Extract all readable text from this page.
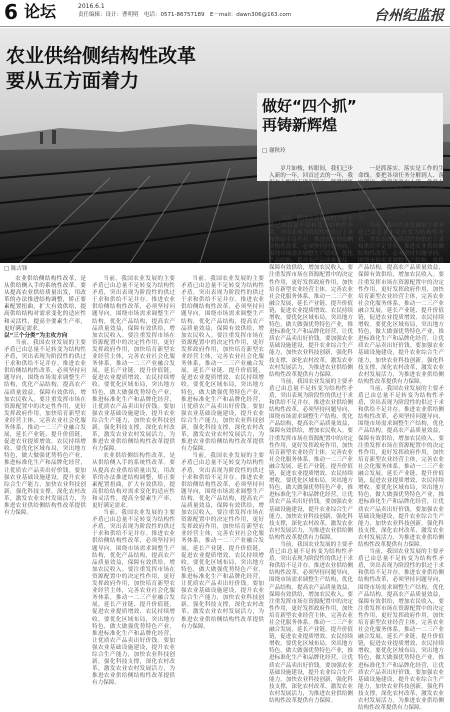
6 论坛	2016.6.1
责任编辑：设计：曹明明　电话：0571-86757189　E－mail：dawn306@163.com	台州纪监报
农业供给侧结构性改革
要从五方面着力
做好“四个抓”
再铸新辉煌
□ 谢秋玲
□ 陈吉锋

农业供给侧结构性改革，是从供给侧入手的系统性改革。要从提高农业供给质量出发，用改革的办法推进结构调整，矫正要素配置扭曲，扩大有效供给，提高供给结构对需求变化的适应性和灵活性，提高全要素生产率，更好满足需求。

以“三个分类”为主攻方向

当前，我国农业发展的主要矛盾已由总量不足转变为结构性矛盾，突出表现为阶段性的供过于求和供给不足并存。推进农业供给侧结构性改革，必须坚持问题导向，围绕市场需求调整生产结构，优化产品结构，提高农产品质量效益，保障有效供给，增加农民收入。要注重发挥市场在资源配置中的决定性作用，更好发挥政府作用，加快培育新型农业经营主体，完善农业社会化服务体系，推动一二三产业融合发展，延长产业链、提升价值链，促进农业提质增效、农民持续增收。要优化区域布局，突出地方特色，做大做强优势特色产业，推进标准化生产和品牌化经营，让优质农产品卖出好价钱。要加强农业基础设施建设，提升农业综合生产能力，加快农业科技创新，强化科技支撑，深化农村改革，激发农业农村发展活力，为推进农业供给侧结构性改革提供有力保障。

当前，我国农业发展的主要矛盾已由总量不足转变为结构性矛盾，突出表现为阶段性的供过于求和供给不足并存。推进农业供给侧结构性改革，必须坚持问题导向，围绕市场需求调整生产结构，优化产品结构，提高农产品质量效益，保障有效供给，增加农民收入。要注重发挥市场在资源配置中的决定性作用，更好发挥政府作用，加快培育新型农业经营主体，完善农业社会化服务体系，推动一二三产业融合发展，延长产业链、提升价值链，促进农业提质增效、农民持续增收。要优化区域布局，突出地方特色，做大做强优势特色产业，推进标准化生产和品牌化经营，让优质农产品卖出好价钱。要加强农业基础设施建设，提升农业综合生产能力，加快农业科技创新，强化科技支撑，深化农村改革，激发农业农村发展活力，为推进农业供给侧结构性改革提供有力保障。

农业供给侧结构性改革，是从供给侧入手的系统性改革。要从提高农业供给质量出发，用改革的办法推进结构调整，矫正要素配置扭曲，扩大有效供给，提高供给结构对需求变化的适应性和灵活性，提高全要素生产率，更好满足需求。

当前，我国农业发展的主要矛盾已由总量不足转变为结构性矛盾，突出表现为阶段性的供过于求和供给不足并存。推进农业供给侧结构性改革，必须坚持问题导向，围绕市场需求调整生产结构，优化产品结构，提高农产品质量效益，保障有效供给，增加农民收入。要注重发挥市场在资源配置中的决定性作用，更好发挥政府作用，加快培育新型农业经营主体，完善农业社会化服务体系，推动一二三产业融合发展，延长产业链、提升价值链，促进农业提质增效、农民持续增收。要优化区域布局，突出地方特色，做大做强优势特色产业，推进标准化生产和品牌化经营，让优质农产品卖出好价钱。要加强农业基础设施建设，提升农业综合生产能力，加快农业科技创新，强化科技支撑，深化农村改革，激发农业农村发展活力，为推进农业供给侧结构性改革提供有力保障。

当前，我国农业发展的主要矛盾已由总量不足转变为结构性矛盾，突出表现为阶段性的供过于求和供给不足并存。推进农业供给侧结构性改革，必须坚持问题导向，围绕市场需求调整生产结构，优化产品结构，提高农产品质量效益，保障有效供给，增加农民收入。要注重发挥市场在资源配置中的决定性作用，更好发挥政府作用，加快培育新型农业经营主体，完善农业社会化服务体系，推动一二三产业融合发展，延长产业链、提升价值链，促进农业提质增效、农民持续增收。要优化区域布局，突出地方特色，做大做强优势特色产业，推进标准化生产和品牌化经营，让优质农产品卖出好价钱。要加强农业基础设施建设，提升农业综合生产能力，加快农业科技创新，强化科技支撑，深化农村改革，激发农业农村发展活力，为推进农业供给侧结构性改革提供有力保障。

当前，我国农业发展的主要矛盾已由总量不足转变为结构性矛盾，突出表现为阶段性的供过于求和供给不足并存。推进农业供给侧结构性改革，必须坚持问题导向，围绕市场需求调整生产结构，优化产品结构，提高农产品质量效益，保障有效供给，增加农民收入。要注重发挥市场在资源配置中的决定性作用，更好发挥政府作用，加快培育新型农业经营主体，完善农业社会化服务体系，推动一二三产业融合发展，延长产业链、提升价值链，促进农业提质增效、农民持续增收。要优化区域布局，突出地方特色，做大做强优势特色产业，推进标准化生产和品牌化经营，让优质农产品卖出好价钱。要加强农业基础设施建设，提升农业综合生产能力，加快农业科技创新，强化科技支撑，深化农村改革，激发农业农村发展活力，为推进农业供给侧结构性改革提供有力保障。

岁月如梭，转眼间，我们已步入新的一年。回首过去的一年，我们在上级的正确领导下，紧紧围绕中心工作，抓落实、抓创新、抓队伍、抓作风，各项工作取得了新的成绩。站在新的起点上，我们要做好“四个抓”，再铸新辉煌。

当前，我国农业发展的主要矛盾已由总量不足转变为结构性矛盾，突出表现为阶段性的供过于求和供给不足并存。推进农业供给侧结构性改革，必须坚持问题导向，围绕市场需求调整生产结构，优化产品结构，提高农产品质量效益，保障有效供给，增加农民收入。要注重发挥市场在资源配置中的决定性作用，更好发挥政府作用，加快培育新型农业经营主体，完善农业社会化服务体系，推动一二三产业融合发展，延长产业链、提升价值链，促进农业提质增效、农民持续增收。要优化区域布局，突出地方特色，做大做强优势特色产业，推进标准化生产和品牌化经营，让优质农产品卖出好价钱。要加强农业基础设施建设，提升农业综合生产能力，加快农业科技创新，强化科技支撑，深化农村改革，激发农业农村发展活力，为推进农业供给侧结构性改革提供有力保障。

当前，我国农业发展的主要矛盾已由总量不足转变为结构性矛盾，突出表现为阶段性的供过于求和供给不足并存。推进农业供给侧结构性改革，必须坚持问题导向，围绕市场需求调整生产结构，优化产品结构，提高农产品质量效益，保障有效供给，增加农民收入。要注重发挥市场在资源配置中的决定性作用，更好发挥政府作用，加快培育新型农业经营主体，完善农业社会化服务体系，推动一二三产业融合发展，延长产业链、提升价值链，促进农业提质增效、农民持续增收。要优化区域布局，突出地方特色，做大做强优势特色产业，推进标准化生产和品牌化经营，让优质农产品卖出好价钱。要加强农业基础设施建设，提升农业综合生产能力，加快农业科技创新，强化科技支撑，深化农村改革，激发农业农村发展活力，为推进农业供给侧结构性改革提供有力保障。

当前，我国农业发展的主要矛盾已由总量不足转变为结构性矛盾，突出表现为阶段性的供过于求和供给不足并存。推进农业供给侧结构性改革，必须坚持问题导向，围绕市场需求调整生产结构，优化产品结构，提高农产品质量效益，保障有效供给，增加农民收入。要注重发挥市场在资源配置中的决定性作用，更好发挥政府作用，加快培育新型农业经营主体，完善农业社会化服务体系，推动一二三产业融合发展，延长产业链、提升价值链，促进农业提质增效、农民持续增收。要优化区域布局，突出地方特色，做大做强优势特色产业，推进标准化生产和品牌化经营，让优质农产品卖出好价钱。要加强农业基础设施建设，提升农业综合生产能力，加快农业科技创新，强化科技支撑，深化农村改革，激发农业农村发展活力，为推进农业供给侧结构性改革提供有力保障。

一是抓落实。落实是工作的生命线。要把各项任务分解到人、落实到岗，做到事事有人管、件件有着落。二是抓创新。创新是发展的不竭动力，要敢于打破常规，善于探索新路子，以创新的思路推动工作开展。三是抓队伍。四是抓作风。

当前，我国农业发展的主要矛盾已由总量不足转变为结构性矛盾，突出表现为阶段性的供过于求和供给不足并存。推进农业供给侧结构性改革，必须坚持问题导向，围绕市场需求调整生产结构，优化产品结构，提高农产品质量效益，保障有效供给，增加农民收入。要注重发挥市场在资源配置中的决定性作用，更好发挥政府作用，加快培育新型农业经营主体，完善农业社会化服务体系，推动一二三产业融合发展，延长产业链、提升价值链，促进农业提质增效、农民持续增收。要优化区域布局，突出地方特色，做大做强优势特色产业，推进标准化生产和品牌化经营，让优质农产品卖出好价钱。要加强农业基础设施建设，提升农业综合生产能力，加快农业科技创新，强化科技支撑，深化农村改革，激发农业农村发展活力，为推进农业供给侧结构性改革提供有力保障。

当前，我国农业发展的主要矛盾已由总量不足转变为结构性矛盾，突出表现为阶段性的供过于求和供给不足并存。推进农业供给侧结构性改革，必须坚持问题导向，围绕市场需求调整生产结构，优化产品结构，提高农产品质量效益，保障有效供给，增加农民收入。要注重发挥市场在资源配置中的决定性作用，更好发挥政府作用，加快培育新型农业经营主体，完善农业社会化服务体系，推动一二三产业融合发展，延长产业链、提升价值链，促进农业提质增效、农民持续增收。要优化区域布局，突出地方特色，做大做强优势特色产业，推进标准化生产和品牌化经营，让优质农产品卖出好价钱。要加强农业基础设施建设，提升农业综合生产能力，加快农业科技创新，强化科技支撑，深化农村改革，激发农业农村发展活力，为推进农业供给侧结构性改革提供有力保障。

当前，我国农业发展的主要矛盾已由总量不足转变为结构性矛盾，突出表现为阶段性的供过于求和供给不足并存。推进农业供给侧结构性改革，必须坚持问题导向，围绕市场需求调整生产结构，优化产品结构，提高农产品质量效益，保障有效供给，增加农民收入。要注重发挥市场在资源配置中的决定性作用，更好发挥政府作用，加快培育新型农业经营主体，完善农业社会化服务体系，推动一二三产业融合发展，延长产业链、提升价值链，促进农业提质增效、农民持续增收。要优化区域布局，突出地方特色，做大做强优势特色产业，推进标准化生产和品牌化经营，让优质农产品卖出好价钱。要加强农业基础设施建设，提升农业综合生产能力，加快农业科技创新，强化科技支撑，深化农村改革，激发农业农村发展活力，为推进农业供给侧结构性改革提供有力保障。
